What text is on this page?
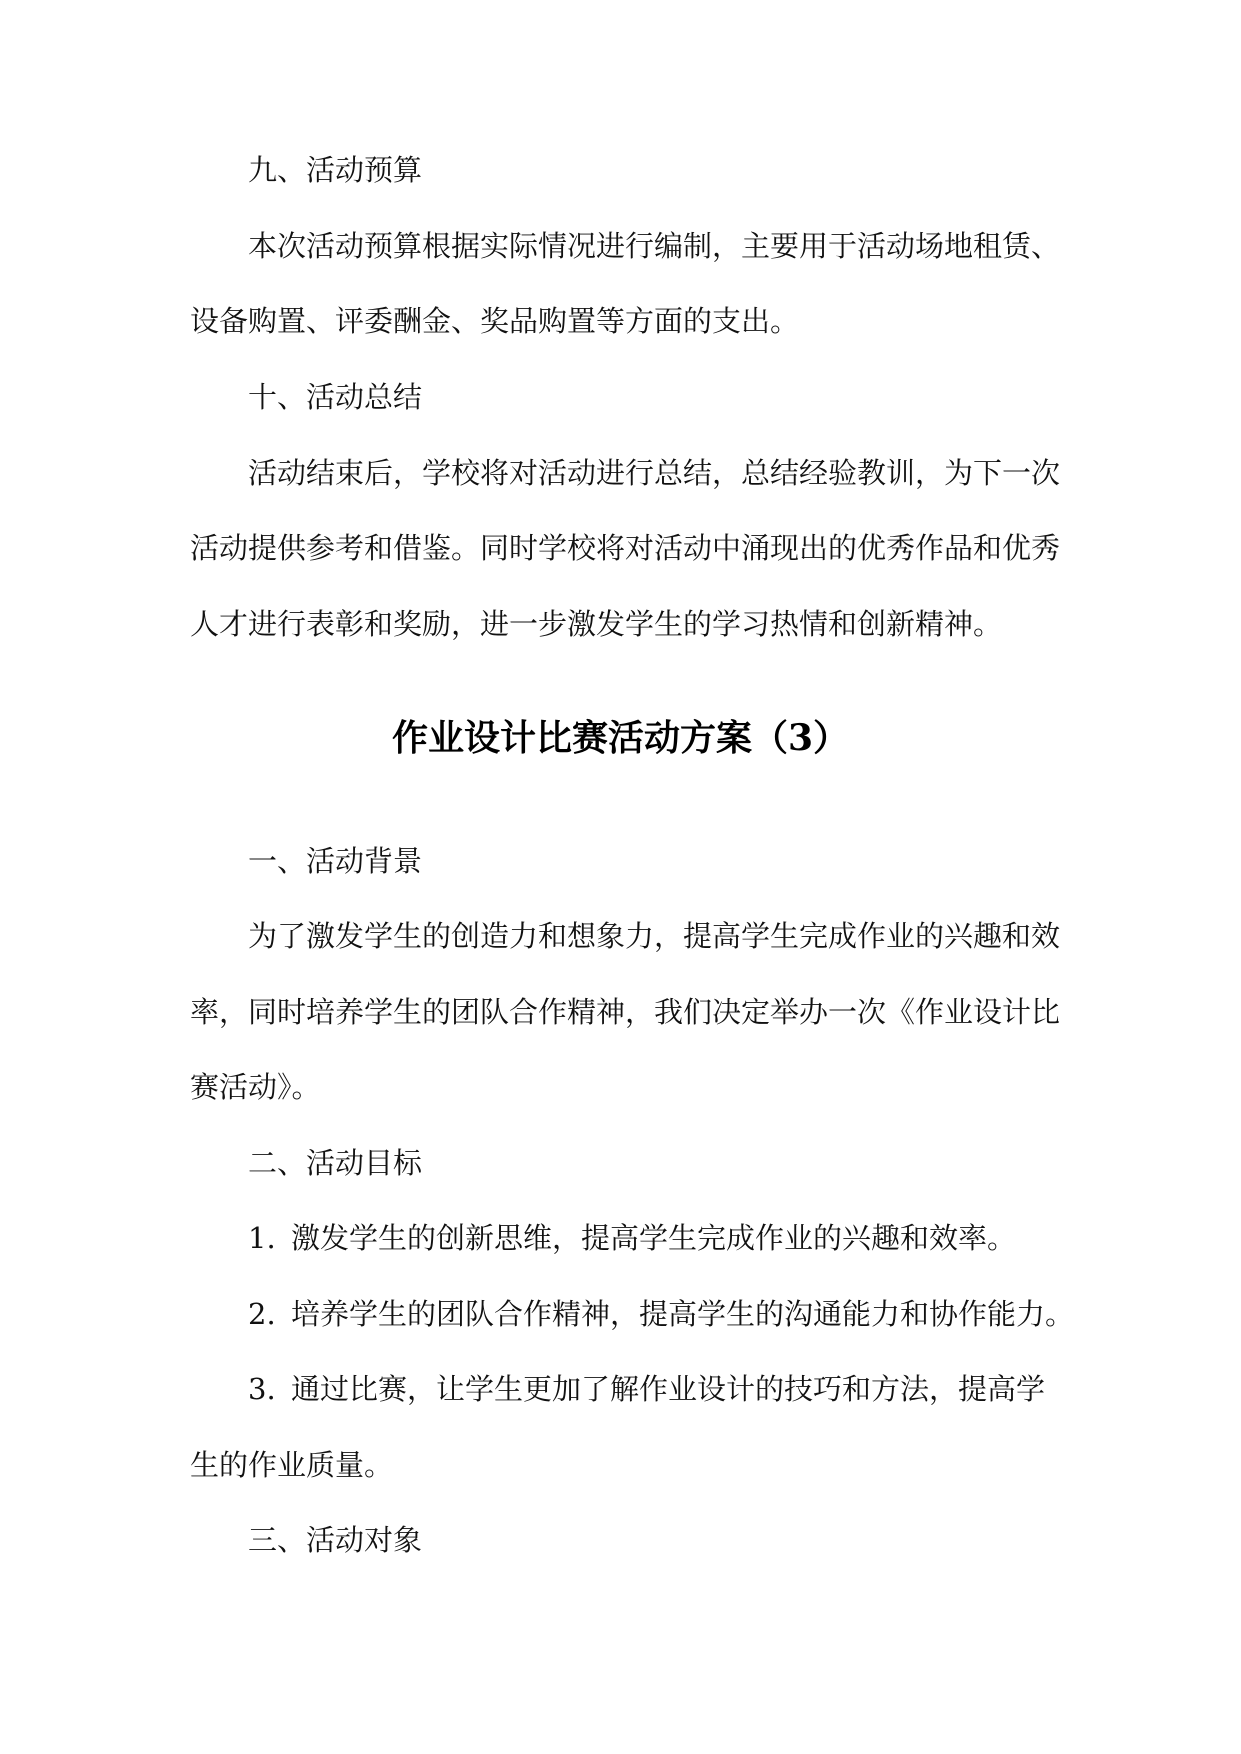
九、活动预算
本次活动预算根据实际情况进行编制，主要用于活动场地租赁、
设备购置、评委酬金、奖品购置等方面的支出。
十、活动总结
活动结束后，学校将对活动进行总结，总结经验教训，为下一次
活动提供参考和借鉴。同时学校将对活动中涌现出的优秀作品和优秀
人才进行表彰和奖励，进一步激发学生的学习热情和创新精神。
作业设计比赛活动方案（3）
一、活动背景
为了激发学生的创造力和想象力，提高学生完成作业的兴趣和效
率，同时培养学生的团队合作精神，我们决定举办一次《作业设计比
赛活动》。
二、活动目标
1. 激发学生的创新思维，提高学生完成作业的兴趣和效率。
2. 培养学生的团队合作精神，提高学生的沟通能力和协作能力。
3. 通过比赛，让学生更加了解作业设计的技巧和方法，提高学
生的作业质量。
三、活动对象
